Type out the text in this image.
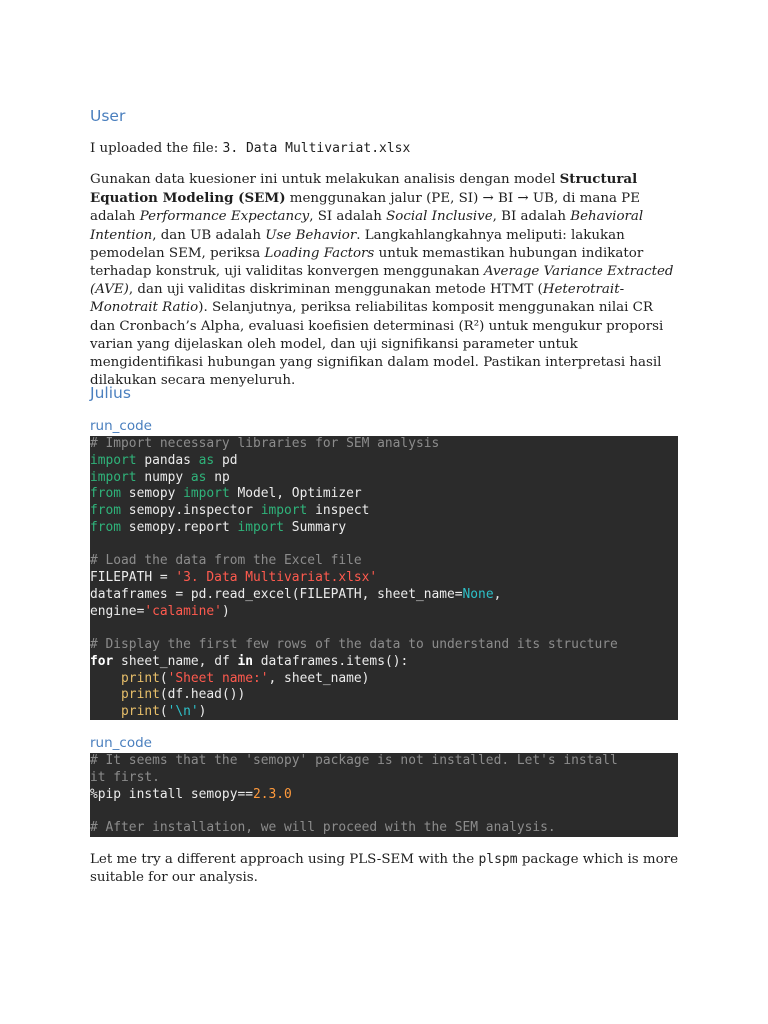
User
I uploaded the file: 3. Data Multivariat.xlsx
Gunakan data kuesioner ini untuk melakukan analisis dengan model Structural Equation Modeling (SEM) menggunakan jalur (PE, SI) → BI → UB, di mana PE adalah Performance Expectancy, SI adalah Social Inclusive, BI adalah Behavioral Intention, dan UB adalah Use Behavior. Langkahlangkahnya meliputi: lakukan pemodelan SEM, periksa Loading Factors untuk memastikan hubungan indikator terhadap konstruk, uji validitas konvergen menggunakan Average Variance Extracted (AVE), dan uji validitas diskriminan menggunakan metode HTMT (Heterotrait-Monotrait Ratio). Selanjutnya, periksa reliabilitas komposit menggunakan nilai CR dan Cronbach’s Alpha, evaluasi koefisien determinasi (R²) untuk mengukur proporsi varian yang dijelaskan oleh model, dan uji signifikansi parameter untuk mengidentifikasi hubungan yang signifikan dalam model. Pastikan interpretasi hasil dilakukan secara menyeluruh.
Julius
run_code
# Import necessary libraries for SEM analysis
import pandas as pd
import numpy as np
from semopy import Model, Optimizer
from semopy.inspector import inspect
from semopy.report import Summary

# Load the data from the Excel file
FILEPATH = '3. Data Multivariat.xlsx'
dataframes = pd.read_excel(FILEPATH, sheet_name=None,
engine='calamine')

# Display the first few rows of the data to understand its structure
for sheet_name, df in dataframes.items():
print('Sheet name:', sheet_name)
print(df.head())
print('\n')
run_code
# It seems that the 'semopy' package is not installed. Let's install
it first.
%pip install semopy==2.3.0

# After installation, we will proceed with the SEM analysis.
Let me try a different approach using PLS-SEM with the plspm package which is more suitable for our analysis.
